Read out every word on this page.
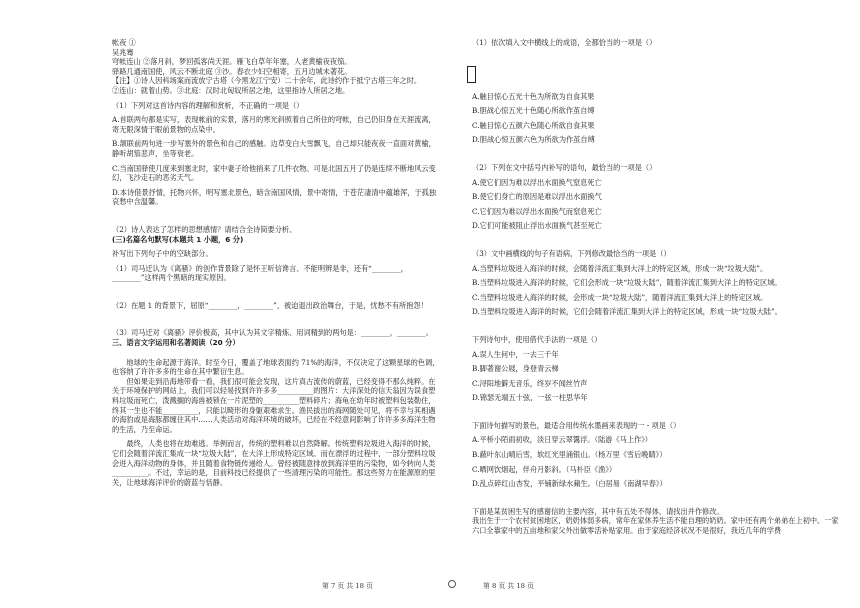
帐夜 ①
吴兆骞
穹帐连山 ②落月斜，梦回孤客尚天涯。雁飞白草年年塞，人老黄榆夜夜笳。
驿路几通南国使，风云不断北庭 ③沙。春衣少妇空相寄，五月边城未著花。
【注】①诗人因科场案而流放宁古塔（今黑龙江宁安）二十余年，此诗约作于抵宁古塔三年之时。
②连山：就着山势。③北庭：汉时北匈奴所居之地，这里指诗人所居之地。
（1）下列对这首诗内容的理解和赏析，不正确的一项是（）
A.首联两句都是实写，表现帐前的实景，落月的寒光斜照着自己所住的穹帐，自己仍旧身在天涯流离，寄无限深情于眼前景物的点染中。
B.颔联前两句进一步写塞外的景色和自己的感触。边草变白大雪飘飞，自己却只能夜夜一直面对黄榆，静听胡笳悲声，坐等衰老。
C.当南国驿使几度来到塞北时，家中妻子给他捎来了几件衣物。可是北国五月了仍是连续不断地风云变幻，飞沙走石的恶劣天气。
D.本诗借景抒情，托物兴怀，明写塞北景色，暗含南国风情，景中寄情，于苍茫凄清中蕴雄浑，于孤独哀愁中含温馨。
（2）诗人表达了怎样的思想感情？请结合全诗简要分析。
(三)名篇名句默写(本题共 1 小题，6 分)
补写出下列句子中的空缺部分。
（1）司马迁认为《离骚》的创作背景除了是怀王听信谗言、不能明辨是非，还有“________，________”这样两个黑暗的现实原因。
（2）在题 1 的背景下，屈原“________，________”，被迫退出政治舞台，于是，忧愁不有所抱怨！
（3）司马迁对《离骚》评价极高，其中认为其文字精炼、用词精到的两句是：________，________。
三、语言文字运用和名著阅读（20 分）
地球的生命起源于海洋。时至今日，覆盖了地球表面约 71%的海洋，不仅决定了这颗星球的色调，也容纳了许许多多的生命在其中繁衍生息。
但如果走到沿海地带看一看，我们很可能会发现，这片真古流传的蔚蓝，已经变得不那么纯粹。在关于环境保护的网站上，我们可以轻易找到许许多多__________的图片：大洋深处的信天翁因为误食塑料垃圾而死亡，泼溅搁的海兽被锁在一片泥塑的__________塑料碎片；海龟在幼年时被塑料包装勒住，终其一生也不能__________，只能以畸形的身躯艰难求生。渔民拔出的海网随处可见，将不幸与其相遇的海豹或是海豚都缠住其中……人类活动对海洋环境的破坏，已经在不经意间影响了许许多多海洋生物的生活，乃至命运。
最终，人类也将在劫难逃。举例而言，传统的塑料难以自然降解。传统塑料垃圾进入海洋的时候，它们会随着洋流汇集成一块“垃圾大陆”，在大洋上形成特定区域。而在漂浮的过程中，一部分塑料垃圾会进入海洋动物的身体，并且随着食物链传递给人。曾经被随意排放到海洋里的污染物，如今转向人类__________。不过，幸运的是，目前科技已经提供了一些清理污染的可能性。那这些努力在能源原的里关，让地球海洋评价的蔚蓝与恬静。
（1）依次填入文中横线上的成语，全都恰当的一项是（）
A.触目惊心五光十色为所欲为自食其果
B.胆战心惊五光十色随心所欲作茧自缚
C.触目惊心五颜六色随心所欲自食其果
D.胆战心惊五颜六色为所欲为作茧自缚
（2）下列在文中括号内补写的语句，最恰当的一项是（）
A.使它们因为难以浮出水面换气窒息死亡
B.使它们身亡的原因是难以浮出水面换气
C.它们因为难以浮出水面换气而窒息死亡
D.它们可能被阻止浮出水面换气甚至死亡
（3）文中画横线的句子有语病，下列修改最恰当的一项是（）
A.当塑料垃圾进入海洋的时候，会随着洋流汇集到大洋上的特定区域，形成一块“垃圾大陆”。
B.当塑料垃圾进入海洋的时候，它们会形成一块“垃圾大陆”，随着洋流汇集到大洋上的特定区域。
C.当塑料垃圾进入海洋的时候，会形成一块“垃圾大陆”，随着洋流汇集到大洋上的特定区域。
D.当塑料垃圾进入海洋的时候，它们会随着洋流汇集到大洋上的特定区域，形成一块“垃圾大陆”。
下列诗句中，使用借代手法的一项是（）
A.误人生何中，一去三千年
B.脚著谢公屐，身登青云梯
C.浔阳地僻无音乐，终岁不闻丝竹声
D.锦瑟无端五十弦，一弦一柱思华年
下面诗句描写的景色，最适合用传统水墨画来表现的一 - 项是（）
A.平桥小陌雨初收，淡日穿云翠霭浮。（陆游《马上作》）
B.蔽叶东山晴后雪，软红光里涌银山。（杨万里《雪后晚睛》）
C.晒网饮烟起，伴舟月影斜。（马朴臣《渔》）
D.乱点碎红山杏发，平铺新绿水蘋生。（白居易《南湖早春》）
下面是某贫困生写的感谢信的主要内容，其中有五处不得体，请找出并作修改。
我出生于一个农村贫困地区，奶奶体弱多病，常年在家休养生活不能自理的奶奶。家中还有两个弟弟在上初中。一家六口全靠家中的五亩地和家父外出做零活补贴家用。由于家庭经济状况不是很好，我近几年的学费
第 7 页 共 18 页	第 8 页 共 18 页
